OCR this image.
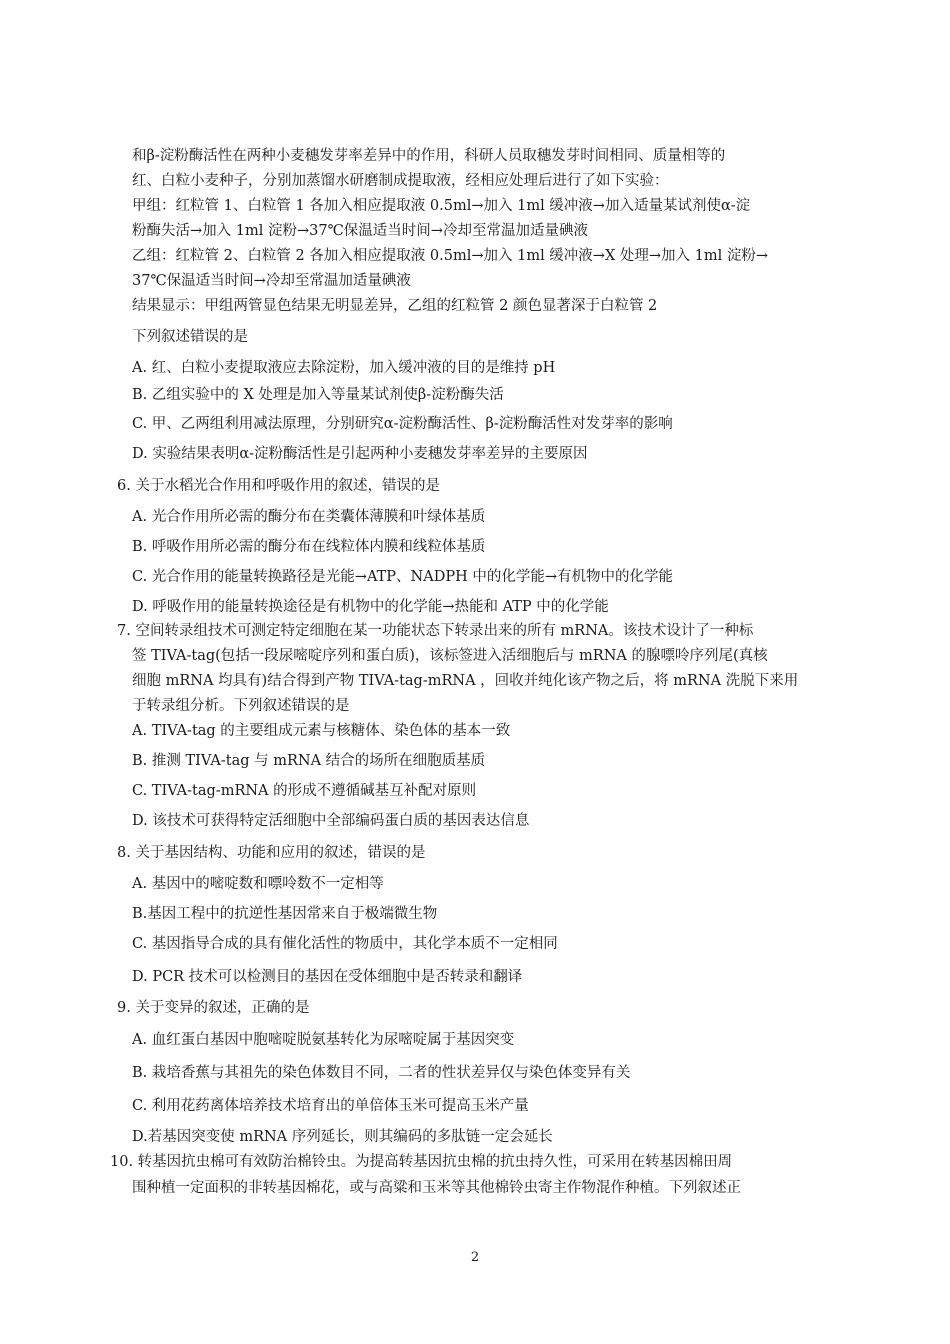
和β-淀粉酶活性在两种小麦穗发芽率差异中的作用，科研人员取穗发芽时间相同、质量相等的
红、白粒小麦种子，分别加蒸馏水研磨制成提取液，经相应处理后进行了如下实验：
甲组：红粒管 1、白粒管 1 各加入相应提取液 0.5ml→加入 1ml 缓冲液→加入适量某试剂使α-淀
粉酶失活→加入 1ml 淀粉→37℃保温适当时间→冷却至常温加适量碘液
乙组：红粒管 2、白粒管 2 各加入相应提取液 0.5ml→加入 1ml 缓冲液→X 处理→加入 1ml 淀粉→
37℃保温适当时间→冷却至常温加适量碘液
结果显示：甲组两管显色结果无明显差异，乙组的红粒管 2 颜色显著深于白粒管 2
下列叙述错误的是
A. 红、白粒小麦提取液应去除淀粉，加入缓冲液的目的是维持 pH
B. 乙组实验中的 X 处理是加入等量某试剂使β-淀粉酶失活
C. 甲、乙两组利用减法原理，分别研究α-淀粉酶活性、β-淀粉酶活性对发芽率的影响
D. 实验结果表明α-淀粉酶活性是引起两种小麦穗发芽率差异的主要原因
6. 关于水稻光合作用和呼吸作用的叙述，错误的是
A. 光合作用所必需的酶分布在类囊体薄膜和叶绿体基质
B. 呼吸作用所必需的酶分布在线粒体内膜和线粒体基质
C. 光合作用的能量转换路径是光能→ATP、NADPH 中的化学能→有机物中的化学能
D. 呼吸作用的能量转换途径是有机物中的化学能→热能和 ATP 中的化学能
7. 空间转录组技术可测定特定细胞在某一功能状态下转录出来的所有 mRNA。该技术设计了一种标
签 TIVA-tag(包括一段尿嘧啶序列和蛋白质)，该标签进入活细胞后与 mRNA 的腺嘌呤序列尾(真核
细胞 mRNA 均具有)结合得到产物 TIVA-tag-mRNA ，回收并纯化该产物之后，将 mRNA 洗脱下来用
于转录组分析。下列叙述错误的是
A. TIVA-tag 的主要组成元素与核糖体、染色体的基本一致
B. 推测 TIVA-tag 与 mRNA 结合的场所在细胞质基质
C. TIVA-tag-mRNA 的形成不遵循碱基互补配对原则
D. 该技术可获得特定活细胞中全部编码蛋白质的基因表达信息
8. 关于基因结构、功能和应用的叙述，错误的是
A. 基因中的嘧啶数和嘌呤数不一定相等
B.基因工程中的抗逆性基因常来自于极端微生物
C. 基因指导合成的具有催化活性的物质中，其化学本质不一定相同
D. PCR 技术可以检测目的基因在受体细胞中是否转录和翻译
9. 关于变异的叙述，正确的是
A. 血红蛋白基因中胞嘧啶脱氨基转化为尿嘧啶属于基因突变
B. 栽培香蕉与其祖先的染色体数目不同，二者的性状差异仅与染色体变异有关
C. 利用花药离体培养技术培育出的单倍体玉米可提高玉米产量
D.若基因突变使 mRNA 序列延长，则其编码的多肽链一定会延长
10. 转基因抗虫棉可有效防治棉铃虫。为提高转基因抗虫棉的抗虫持久性，可采用在转基因棉田周
围种植一定面积的非转基因棉花，或与高粱和玉米等其他棉铃虫寄主作物混作种植。下列叙述正
2
